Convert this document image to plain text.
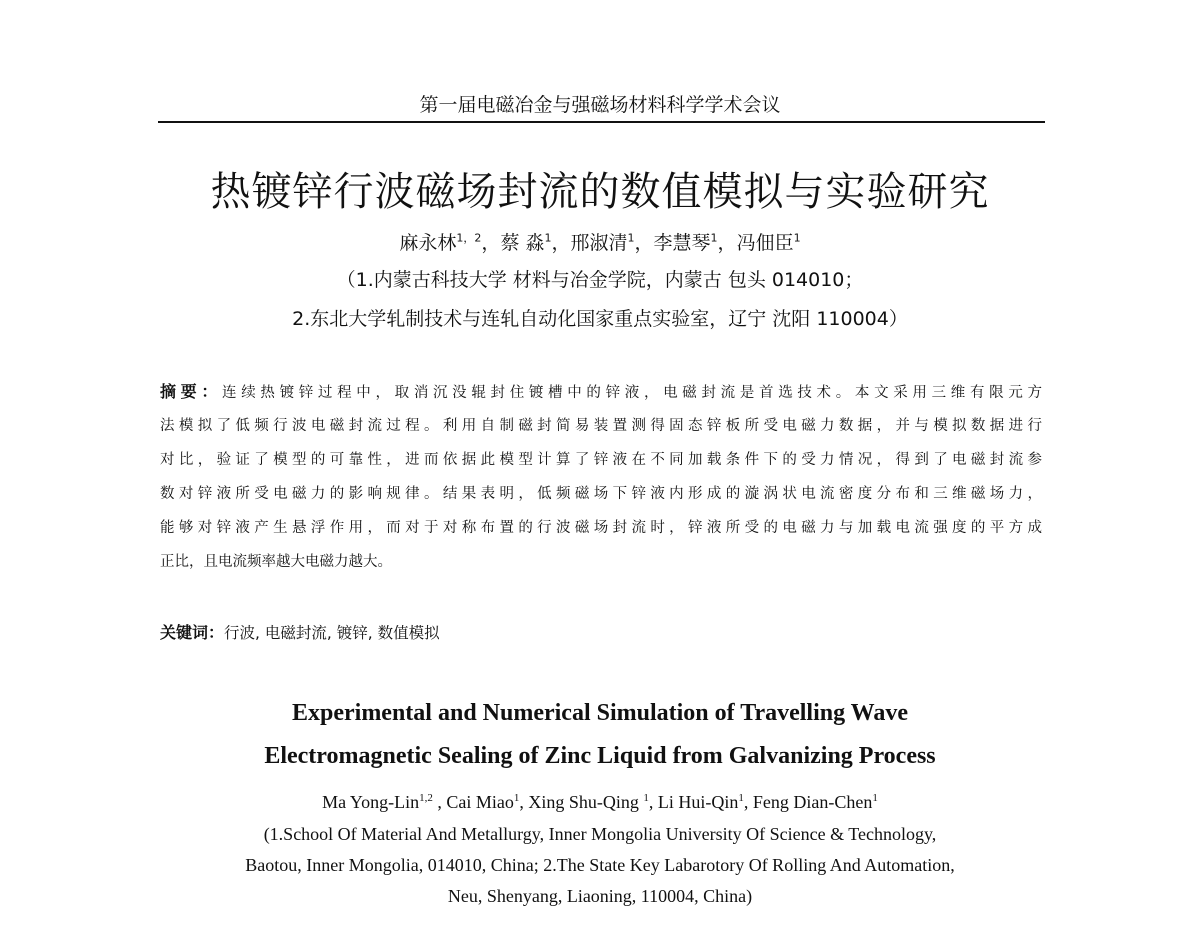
第一届电磁冶金与强磁场材料科学学术会议
热镀锌行波磁场封流的数值模拟与实验研究
麻永林$^{1,2}$，蔡 淼$^1$，邢淑清$^1$，李慧琴$^1$，冯佃臣$^1$
（1.内蒙古科技大学 材料与冶金学院，内蒙古 包头 014010；
2.东北大学轧制技术与连轧自动化国家重点实验室，辽宁 沈阳 110004）
摘要：连续热镀锌过程中，取消沉没辊封住镀槽中的锌液，电磁封流是首选技术。本文采用三维有限元方
法模拟了低频行波电磁封流过程。利用自制磁封简易装置测得固态锌板所受电磁力数据，并与模拟数据进行
对比，验证了模型的可靠性，进而依据此模型计算了锌液在不同加载条件下的受力情况，得到了电磁封流参
数对锌液所受电磁力的影响规律。结果表明，低频磁场下锌液内形成的漩涡状电流密度分布和三维磁场力，
能够对锌液产生悬浮作用，而对于对称布置的行波磁场封流时，锌液所受的电磁力与加载电流强度的平方成
正比，且电流频率越大电磁力越大。
关键词：行波, 电磁封流, 镀锌, 数值模拟
Experimental and Numerical Simulation of Travelling Wave
Electromagnetic Sealing of Zinc Liquid from Galvanizing Process
Ma Yong-Lin$^{1,2}$ , Cai Miao$^1$, Xing Shu-Qing $^1$, Li Hui-Qin$^1$, Feng Dian-Chen$^1$
(1.School Of Material And Metallurgy, Inner Mongolia University Of Science & Technology,
Baotou, Inner Mongolia, 014010, China; 2.The State Key Labarotory Of Rolling And Automation,
Neu, Shenyang, Liaoning, 110004, China)
